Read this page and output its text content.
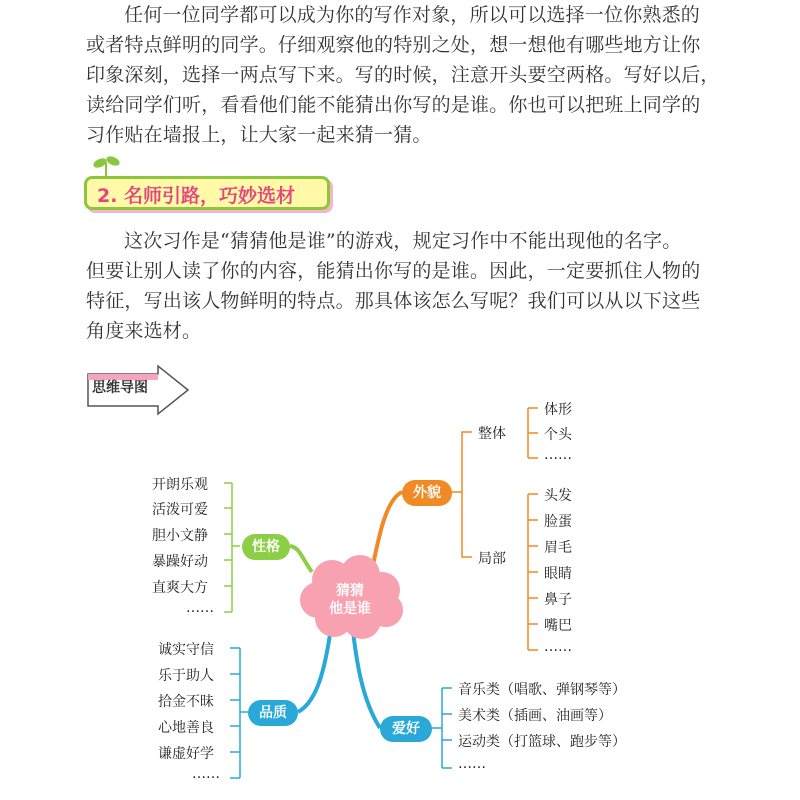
任何一位同学都可以成为你的写作对象，所以可以选择一位你熟悉的

或者特点鲜明的同学。仔细观察他的特别之处，想一想他有哪些地方让你
印象深刻，选择一两点写下来。写的时候，注意开头要空两格。写好以后，
读给同学们听，看看他们能不能猜出你写的是谁。你也可以把班上同学的
习作贴在墙报上，让大家一起来猜一猜。
2. 名师引路，巧妙选材

这次习作是“猜猜他是谁”的游戏，规定习作中不能出现他的名字。

但要让别人读了你的内容，能猜出你写的是谁。因此，一定要抓住人物的
特征，写出该人物鲜明的特点。那具体该怎么写呢？我们可以从以下这些
角度来选材。
思维导图
猜猜
他是谁
性格
品质
外貌
爱好
开朗乐观
活泼可爱
胆小文静
暴躁好动
直爽大方
……
诚实守信
乐于助人
拾金不昧
心地善良
谦虚好学
……
整体
体形
个头
……
局部
头发
脸蛋
眉毛
眼睛
鼻子
嘴巴
……
音乐类（唱歌、弹钢琴等）
美术类（插画、油画等）
运动类（打篮球、跑步等）
……
